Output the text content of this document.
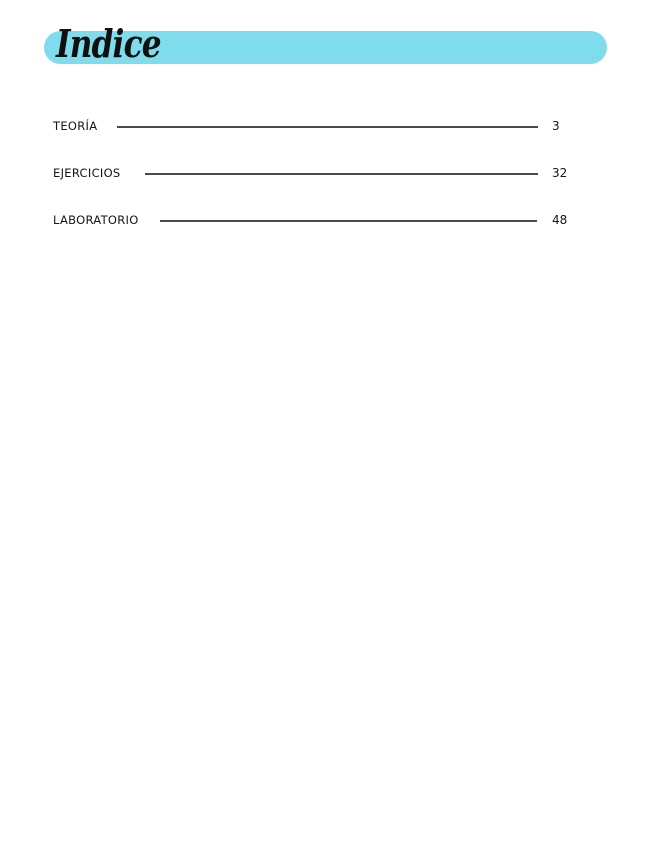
Indice
TEORÍA	3
EJERCICIOS	32
LABORATORIO	48
